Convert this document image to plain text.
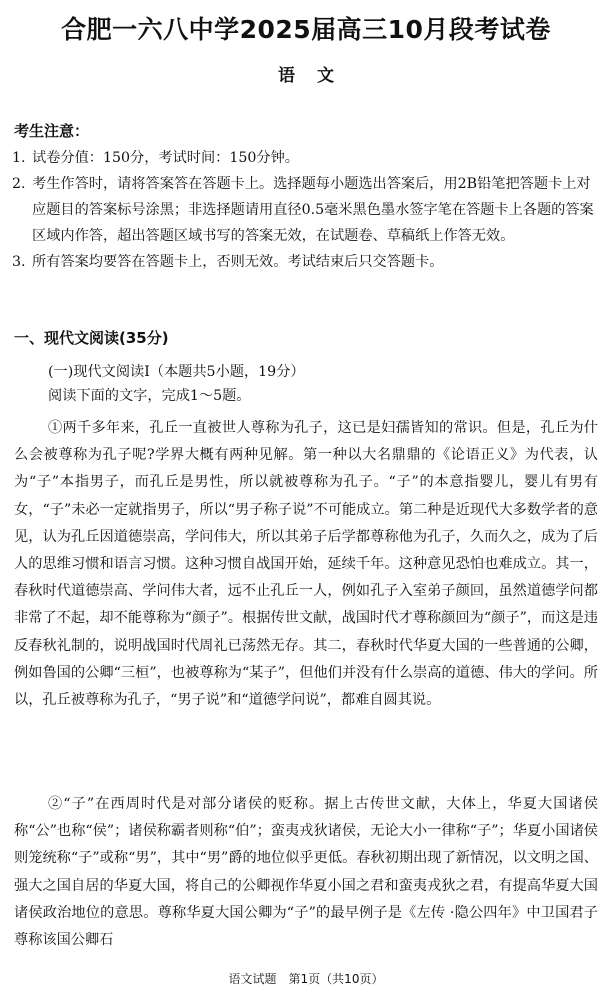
合肥一六八中学2025届高三10月段考试卷
语文
考生注意：
1. 试卷分值：150分，考试时间：150分钟。
2. 考生作答时，请将答案答在答题卡上。选择题每小题选出答案后，用2B铅笔把答题卡上对应题目的答案标号涂黑；非选择题请用直径0.5毫米黑色墨水签字笔在答题卡上各题的答案区域内作答，超出答题区域书写的答案无效，在试题卷、草稿纸上作答无效。
3. 所有答案均要答在答题卡上，否则无效。考试结束后只交答题卡。
一、现代文阅读(35分)
(一)现代文阅读I（本题共5小题，19分）
阅读下面的文字，完成1～5题。

①两千多年来，孔丘一直被世人尊称为孔子，这已是妇孺皆知的常识。但是，孔丘为什么会被尊称为孔子呢?学界大概有两种见解。第一种以大名鼎鼎的《论语正义》为代表，认为“子”本指男子，而孔丘是男性，所以就被尊称为孔子。“子”的本意指婴儿，婴儿有男有女，“子”未必一定就指男子，所以“男子称子说”不可能成立。第二种是近现代大多数学者的意见，认为孔丘因道德崇高，学问伟大，所以其弟子后学都尊称他为孔子，久而久之，成为了后人的思维习惯和语言习惯。这种习惯自战国开始，延续千年。这种意见恐怕也难成立。其一，春秋时代道德崇高、学问伟大者，远不止孔丘一人，例如孔子入室弟子颜回，虽然道德学问都非常了不起，却不能尊称为“颜子”。根据传世文献，战国时代才尊称颜回为“颜子”，而这是违反春秋礼制的，说明战国时代周礼已荡然无存。其二，春秋时代华夏大国的一些普通的公卿，例如鲁国的公卿“三桓”，也被尊称为“某子”，但他们并没有什么崇高的道德、伟大的学问。所以，孔丘被尊称为孔子，“男子说”和“道德学问说”，都难自圆其说。

②“子”在西周时代是对部分诸侯的贬称。据上古传世文献，大体上，华夏大国诸侯称“公”也称“侯”；诸侯称霸者则称“伯”；蛮夷戎狄诸侯，无论大小一律称“子”；华夏小国诸侯则笼统称“子”或称“男”，其中“男”爵的地位似乎更低。春秋初期出现了新情况，以文明之国、强大之国自居的华夏大国，将自己的公卿视作华夏小国之君和蛮夷戎狄之君，有提高华夏大国诸侯政治地位的意思。尊称华夏大国公卿为“子”的最早例子是《左传 ·隐公四年》中卫国君子尊称该国公卿石

语文试题　第1页（共10页）
